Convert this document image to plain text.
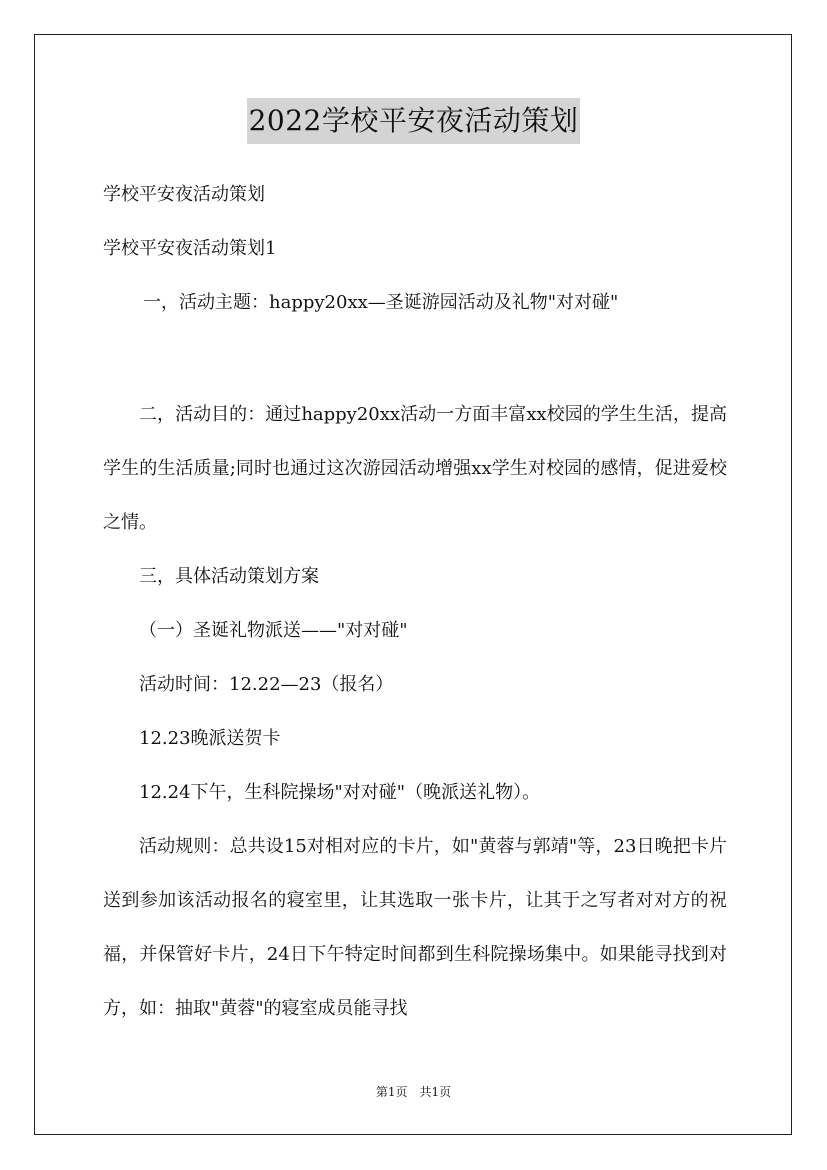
2022学校平安夜活动策划
学校平安夜活动策划
学校平安夜活动策划1
一，活动主题：happy20xx—圣诞游园活动及礼物"对对碰"

二，活动目的：通过happy20xx活动一方面丰富xx校园的学生生活，提高学生的生活质量;同时也通过这次游园活动增强xx学生对校园的感情，促进爱校之情。

三，具体活动策划方案

（一）圣诞礼物派送——"对对碰"

活动时间：12.22—23（报名）

12.23晚派送贺卡

12.24下午，生科院操场"对对碰"（晚派送礼物）。

活动规则：总共设15对相对应的卡片，如"黄蓉与郭靖"等，23日晚把卡片送到参加该活动报名的寝室里，让其选取一张卡片，让其于之写者对对方的祝福，并保管好卡片，24日下午特定时间都到生科院操场集中。如果能寻找到对方，如：抽取"黄蓉"的寝室成员能寻找

第1页 共1页
